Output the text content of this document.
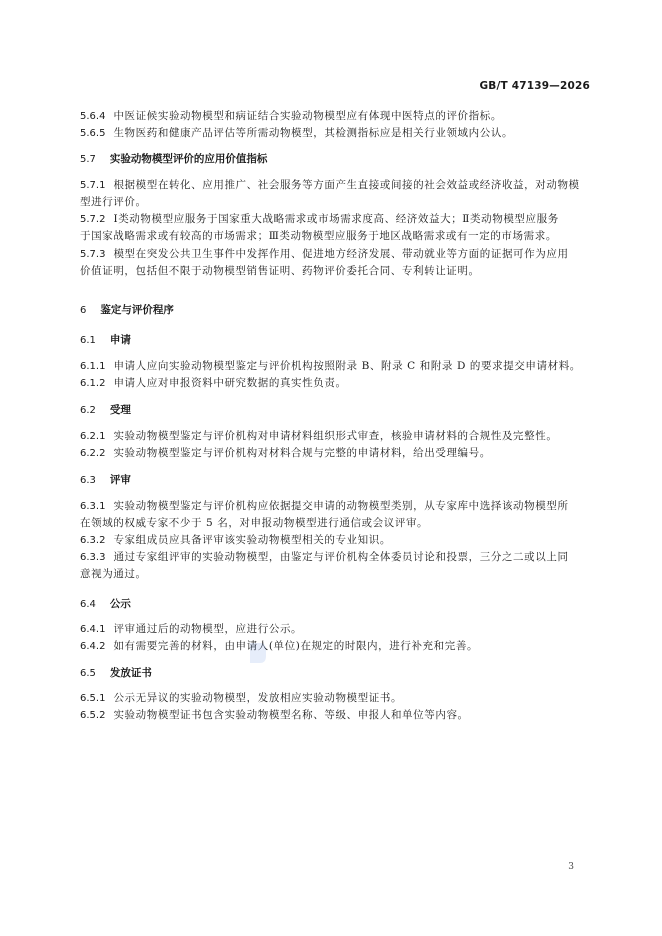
GB/T 47139—2026
5.6.4 中医证候实验动物模型和病证结合实验动物模型应有体现中医特点的评价指标。
5.6.5 生物医药和健康产品评估等所需动物模型，其检测指标应是相关行业领域内公认。
5.7 实验动物模型评价的应用价值指标
5.7.1 根据模型在转化、应用推广、社会服务等方面产生直接或间接的社会效益或经济收益，对动物模
型进行评价。
5.7.2 Ⅰ类动物模型应服务于国家重大战略需求或市场需求度高、经济效益大；Ⅱ类动物模型应服务
于国家战略需求或有较高的市场需求；Ⅲ类动物模型应服务于地区战略需求或有一定的市场需求。
5.7.3 模型在突发公共卫生事件中发挥作用、促进地方经济发展、带动就业等方面的证据可作为应用
价值证明，包括但不限于动物模型销售证明、药物评价委托合同、专利转让证明。
6 鉴定与评价程序
6.1 申请
6.1.1 申请人应向实验动物模型鉴定与评价机构按照附录 B、附录 C 和附录 D 的要求提交申请材料。
6.1.2 申请人应对申报资料中研究数据的真实性负责。
6.2 受理
6.2.1 实验动物模型鉴定与评价机构对申请材料组织形式审查，核验申请材料的合规性及完整性。
6.2.2 实验动物模型鉴定与评价机构对材料合规与完整的申请材料，给出受理编号。
6.3 评审
6.3.1 实验动物模型鉴定与评价机构应依据提交申请的动物模型类别，从专家库中选择该动物模型所
在领域的权威专家不少于 5 名，对申报动物模型进行通信或会议评审。
6.3.2 专家组成员应具备评审该实验动物模型相关的专业知识。
6.3.3 通过专家组评审的实验动物模型，由鉴定与评价机构全体委员讨论和投票，三分之二或以上同
意视为通过。
6.4 公示
6.4.1 评审通过后的动物模型，应进行公示。
6.4.2 如有需要完善的材料，由申请人(单位)在规定的时限内，进行补充和完善。
6.5 发放证书
6.5.1 公示无异议的实验动物模型，发放相应实验动物模型证书。
6.5.2 实验动物模型证书包含实验动物模型名称、等级、申报人和单位等内容。
3
